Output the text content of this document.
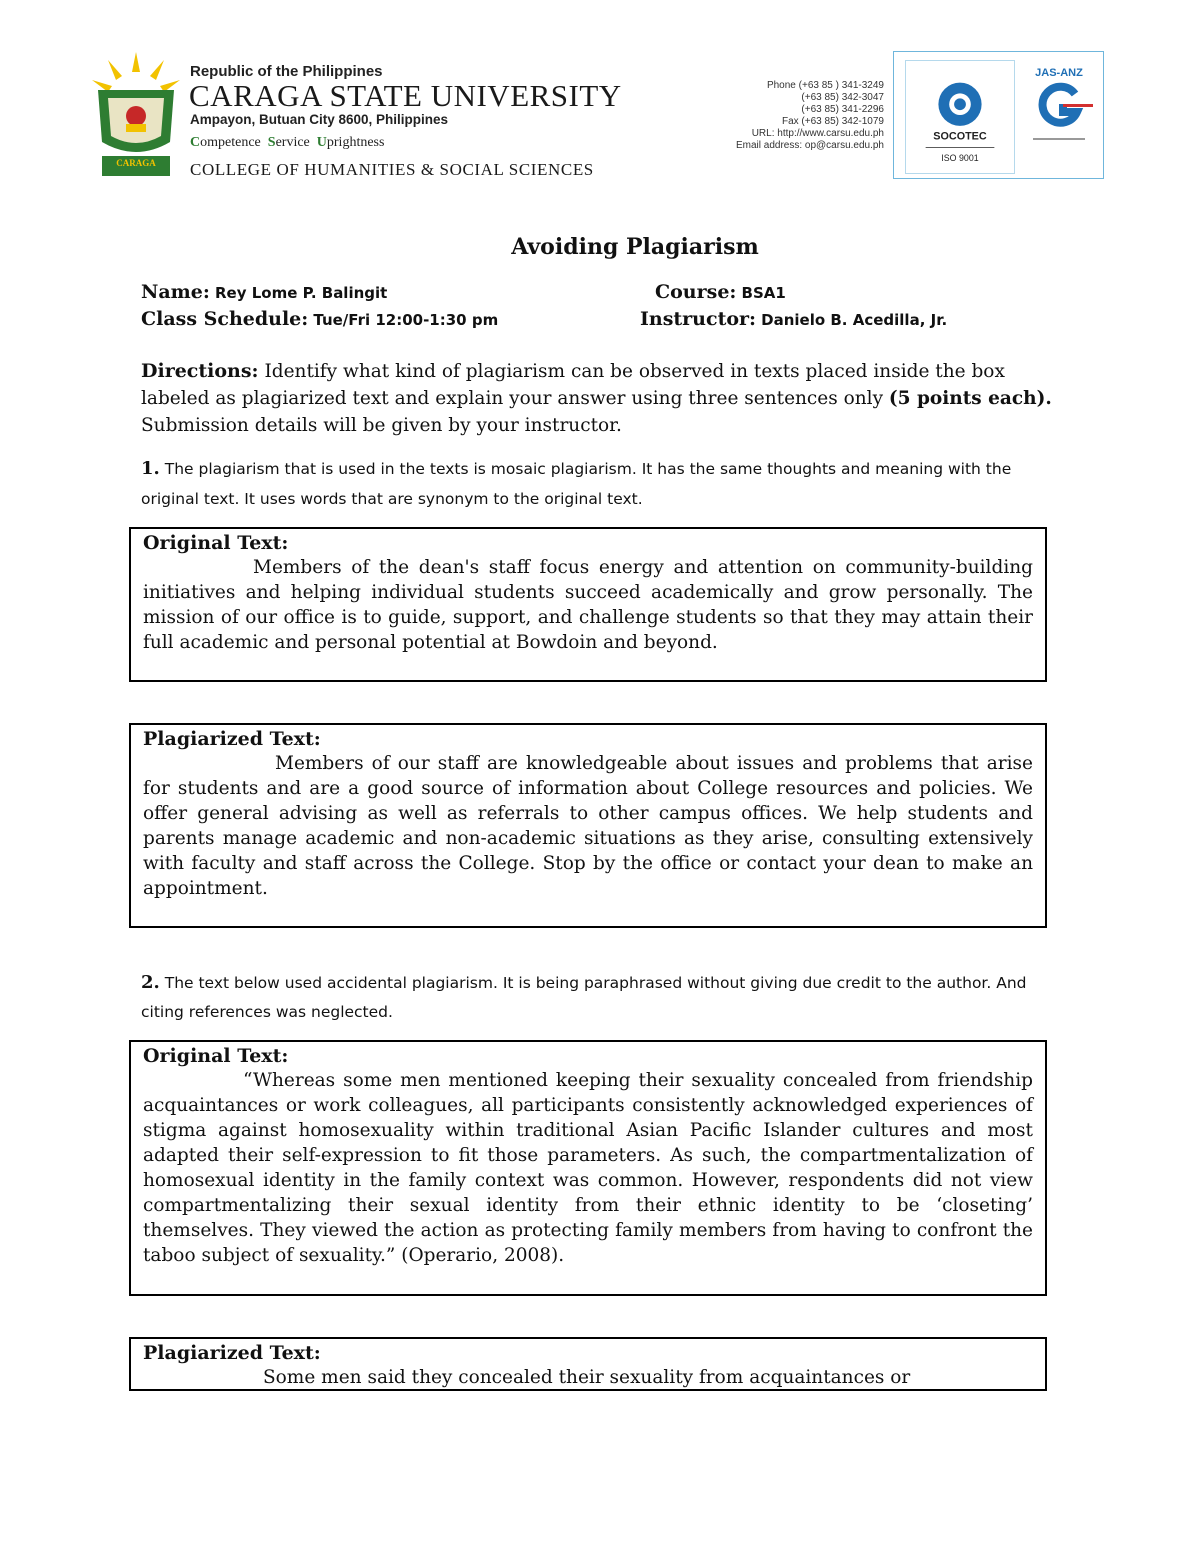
CARAGA
Republic of the Philippines
CARAGA STATE UNIVERSITY
Ampayon, Butuan City 8600, Philippines
Competence Service Uprightness
COLLEGE OF HUMANITIES & SOCIAL SCIENCES
Phone (+63 85 ) 341-3249
(+63 85) 342-3047
(+63 85) 341-2296
Fax (+63 85) 342-1079
URL: http://www.carsu.edu.ph
Email address: op@carsu.edu.ph
SOCOTEC
ISO 9001
JAS-ANZ
Avoiding Plagiarism
Name: Rey Lome P. Balingit	Course: BSA1
Class Schedule: Tue/Fri 12:00-1:30 pm	Instructor: Danielo B. Acedilla, Jr.
Directions: Identify what kind of plagiarism can be observed in texts placed inside the box labeled as plagiarized text and explain your answer using three sentences only (5 points each). Submission details will be given by your instructor.
1. The plagiarism that is used in the texts is mosaic plagiarism. It has the same thoughts and meaning with the original text. It uses words that are synonym to the original text.
Original Text:
Members of the dean's staff focus energy and attention on community-building initiatives and helping individual students succeed academically and grow personally. The mission of our office is to guide, support, and challenge students so that they may attain their full academic and personal potential at Bowdoin and beyond.
Plagiarized Text:
Members of our staff are knowledgeable about issues and problems that arise for students and are a good source of information about College resources and policies. We offer general advising as well as referrals to other campus offices. We help students and parents manage academic and non-academic situations as they arise, consulting extensively with faculty and staff across the College. Stop by the office or contact your dean to make an appointment.
2. The text below used accidental plagiarism. It is being paraphrased without giving due credit to the author. And citing references was neglected.
Original Text:
“Whereas some men mentioned keeping their sexuality concealed from friendship acquaintances or work colleagues, all participants consistently acknowledged experiences of stigma against homosexuality within traditional Asian Pacific Islander cultures and most adapted their self-expression to fit those parameters. As such, the compartmentalization of homosexual identity in the family context was common. However, respondents did not view compartmentalizing their sexual identity from their ethnic identity to be ‘closeting’ themselves. They viewed the action as protecting family members from having to confront the taboo subject of sexuality.” (Operario, 2008).
Plagiarized Text:
Some men said they concealed their sexuality from acquaintances or
